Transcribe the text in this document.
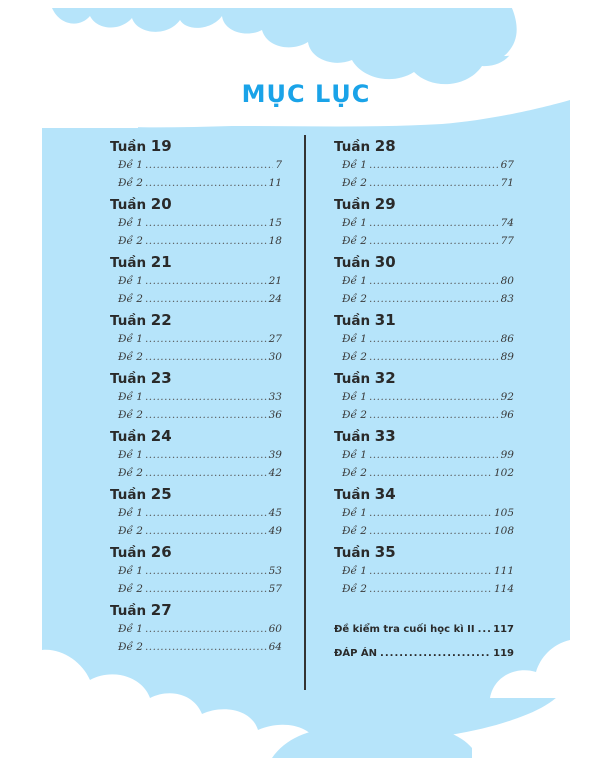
MỤC LỤC
Tuần 19
Đề 1 .....	7
Đề 2 .....	11
Tuần 20
Đề 1 .....	15
Đề 2 .....	18
Tuần 21
Đề 1 .....	21
Đề 2 .....	24
Tuần 22
Đề 1 .....	27
Đề 2 .....	30
Tuần 23
Đề 1 .....	33
Đề 2 .....	36
Tuần 24
Đề 1 .....	39
Đề 2 .....	42
Tuần 25
Đề 1 .....	45
Đề 2 .....	49
Tuần 26
Đề 1 .....	53
Đề 2 .....	57
Tuần 27
Đề 1 .....	60
Đề 2 .....	64
Tuần 28
Đề 1 .....	67
Đề 2 .....	71
Tuần 29
Đề 1 .....	74
Đề 2 .....	77
Tuần 30
Đề 1 .....	80
Đề 2 .....	83
Tuần 31
Đề 1 .....	86
Đề 2 .....	89
Tuần 32
Đề 1 .....	92
Đề 2 .....	96
Tuần 33
Đề 1 .....	99
Đề 2 .....	102
Tuần 34
Đề 1 .....	105
Đề 2 .....	108
Tuần 35
Đề 1 .....	111
Đề 2 .....	114
Đề kiểm tra cuối học kì II ..... 117
ĐÁP ÁN .....	119
